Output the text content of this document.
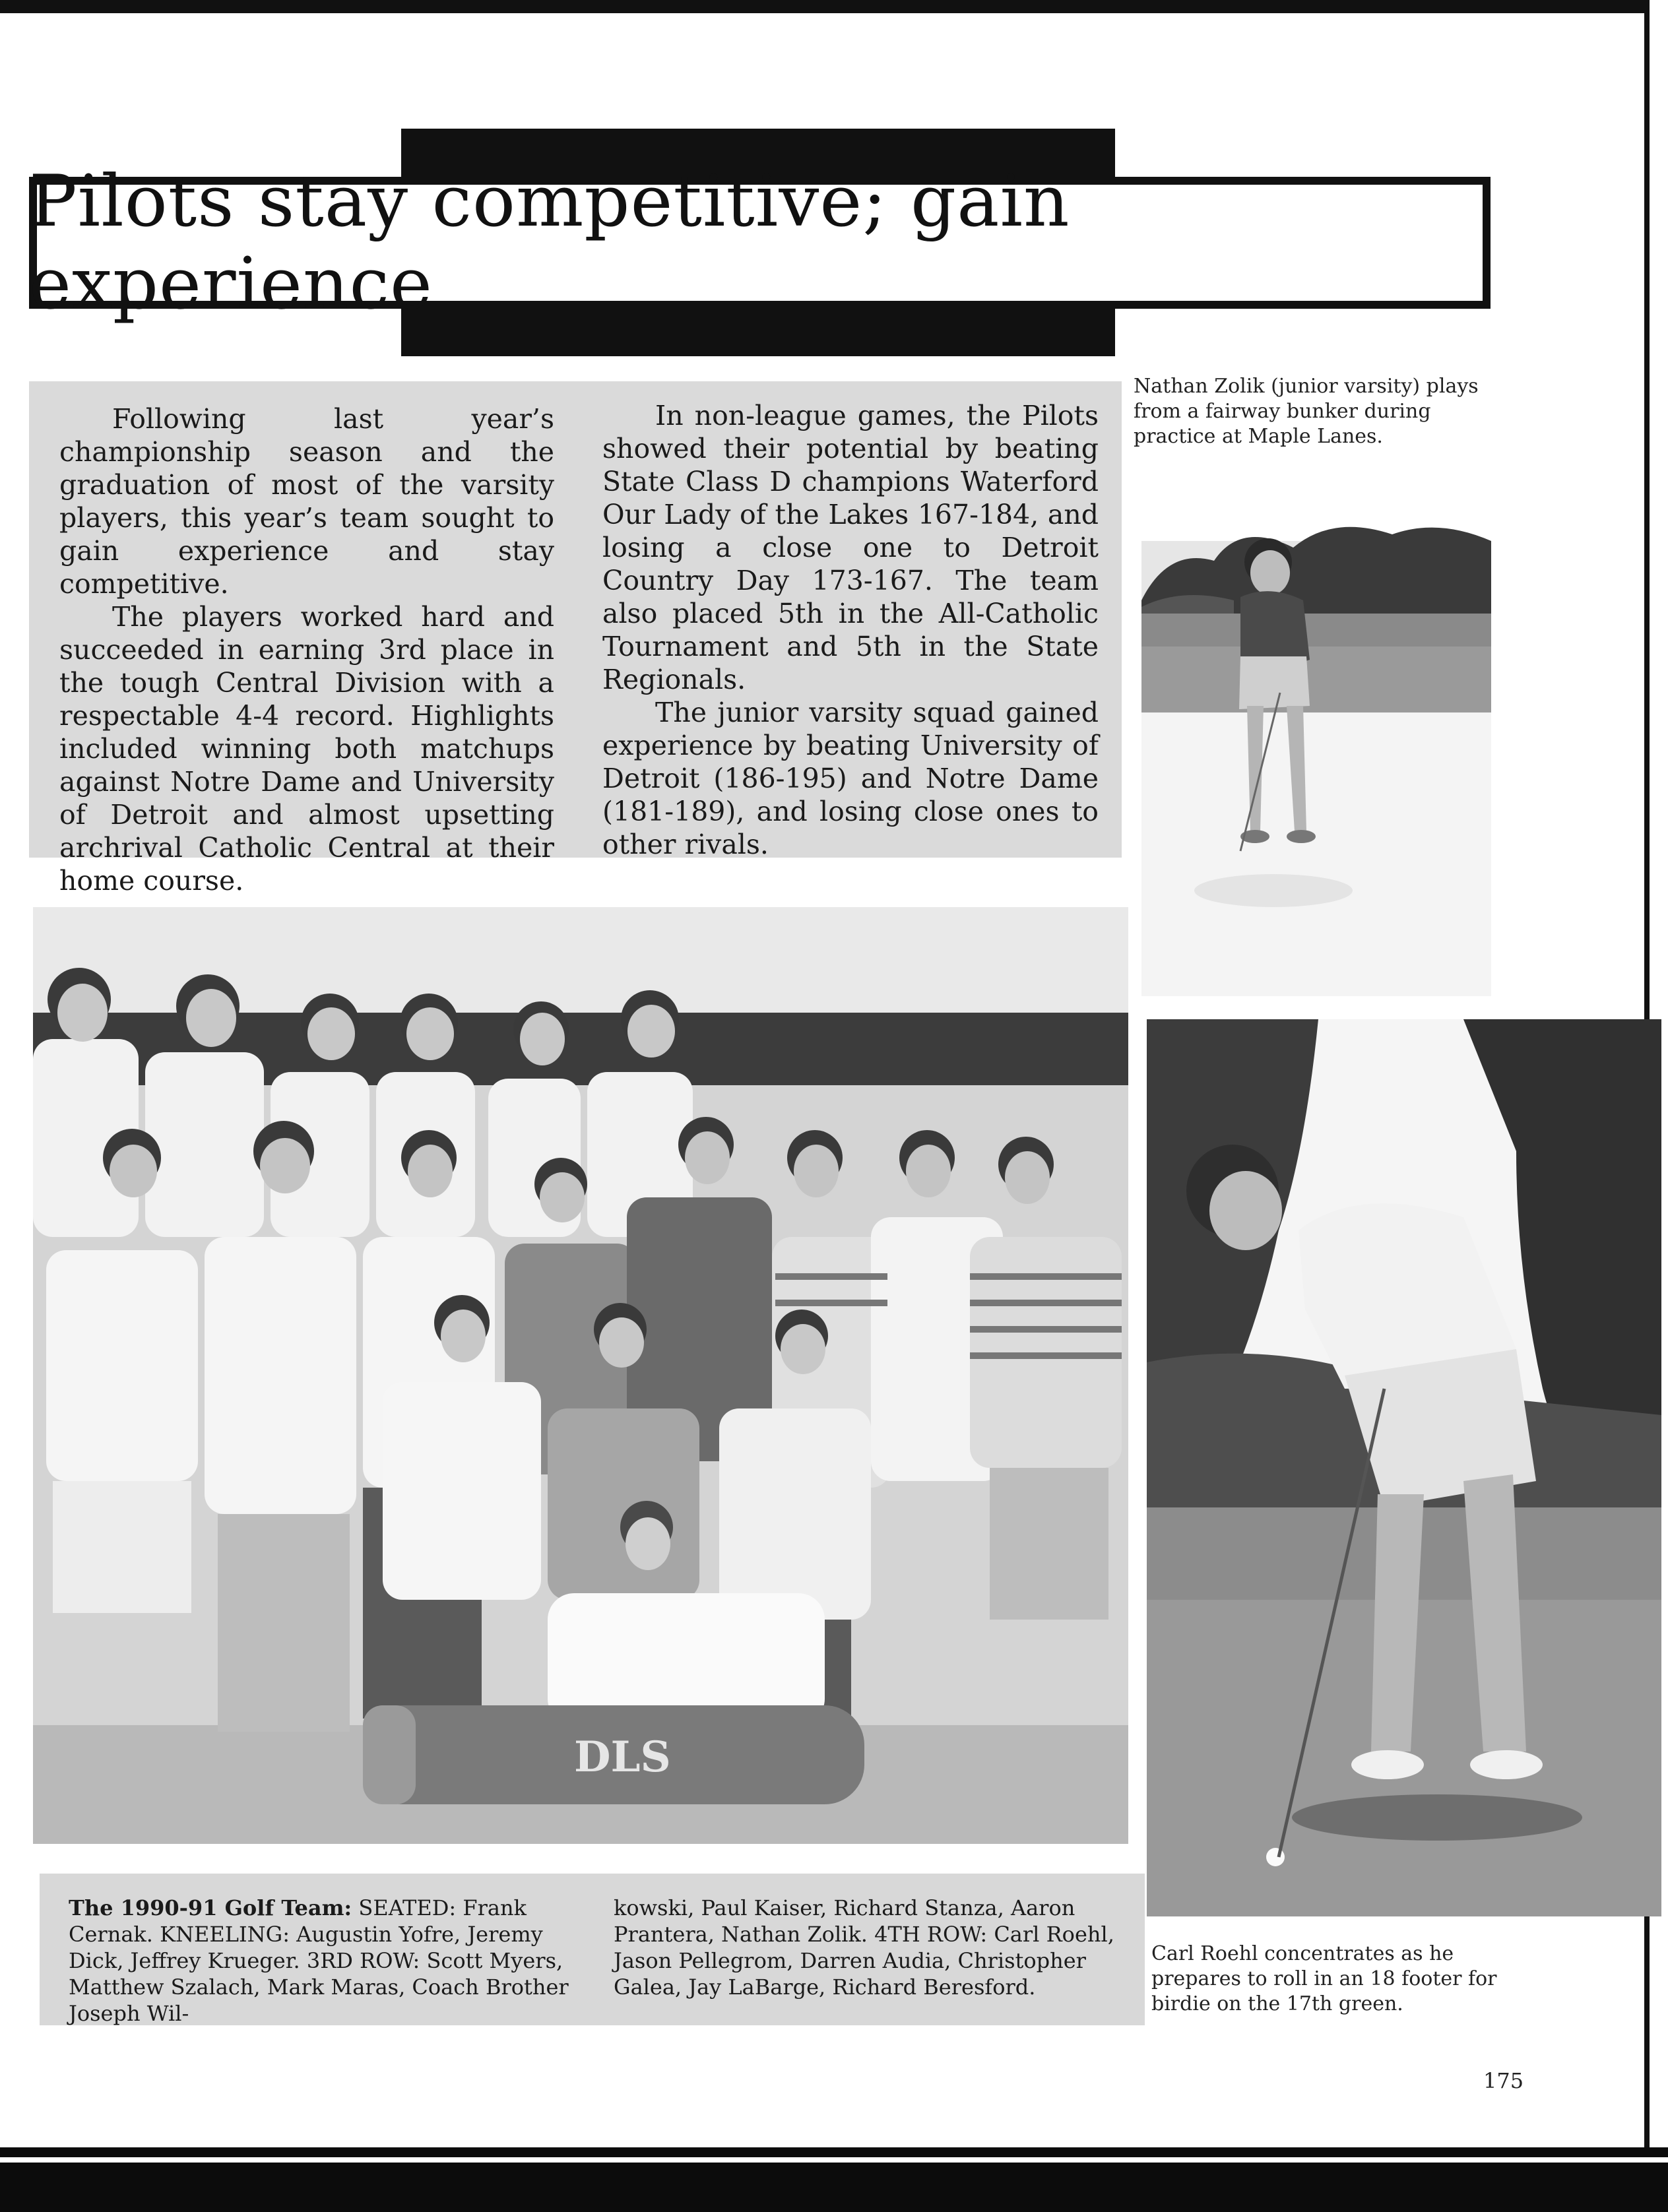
Pilots stay competitive; gain experience

Following last year’s championship season and the graduation of most of the varsity players, this year’s team sought to gain experience and stay competitive.

The players worked hard and succeeded in earning 3rd place in the tough Central Division with a respectable 4-4 record. Highlights included winning both matchups against Notre Dame and University of Detroit and almost upsetting archrival Catholic Central at their home course.

In non-league games, the Pilots showed their potential by beating State Class D champions Waterford Our Lady of the Lakes 167-184, and losing a close one to Detroit Country Day 173-167. The team also placed 5th in the All-Catholic Tournament and 5th in the State Regionals.

The junior varsity squad gained experience by beating University of Detroit (186-195) and Notre Dame (181-189), and losing close ones to other rivals.

Nathan Zolik (junior varsity) plays from a fairway bunker during practice at Maple Lanes.
DLS
The 1990-91 Golf Team: SEATED: Frank Cernak. KNEELING: Augustin Yofre, Jeremy Dick, Jeffrey Krueger. 3RD ROW: Scott Myers, Matthew Szalach, Mark Maras, Coach Brother Joseph Wil-
kowski, Paul Kaiser, Richard Stanza, Aaron Prantera, Nathan Zolik. 4TH ROW: Carl Roehl, Jason Pellegrom, Darren Audia, Christopher Galea, Jay LaBarge, Richard Beresford.
Carl Roehl concentrates as he prepares to roll in an 18 footer for birdie on the 17th green.
175
